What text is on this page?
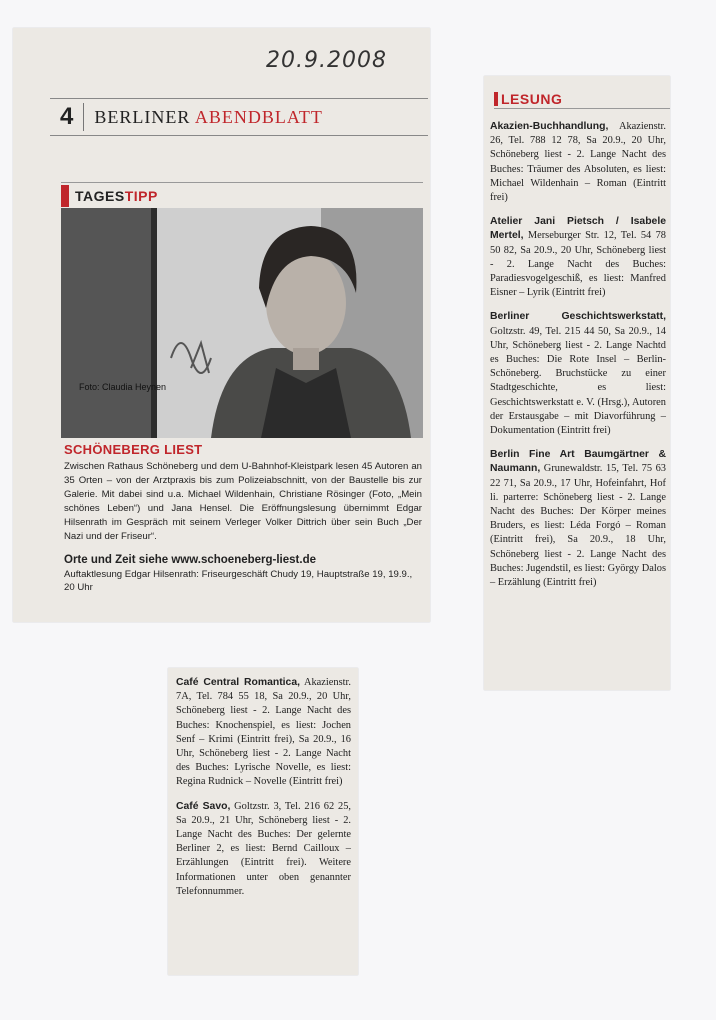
20.9.2008
4	BERLINER ABENDBLATT
TAGESTIPP
Foto: Claudia Heynen

SCHÖNEBERG LIEST

Zwischen Rathaus Schöneberg und dem U-Bahnhof-Kleistpark lesen 45 Autoren an 35 Orten – von der Arztpraxis bis zum Polizeiabschnitt, von der Baustelle bis zur Galerie. Mit dabei sind u.a. Michael Wildenhain, Christiane Rösinger (Foto, „Mein schönes Leben“) und Jana Hensel. Die Eröffnungslesung übernimmt Edgar Hilsenrath im Gespräch mit seinem Verleger Volker Dittrich über sein Buch „Der Nazi und der Friseur“.

Orte und Zeit siehe www.schoeneberg-liest.de

Auftaktlesung Edgar Hilsenrath: Friseurgeschäft Chudy 19, Hauptstraße 19, 19.9., 20 Uhr

LESUNG

Akazien-Buchhandlung, Akazienstr. 26, Tel. 788 12 78, Sa 20.9., 20 Uhr, Schöneberg liest - 2. Lange Nacht des Buches: Träumer des Absoluten, es liest: Michael Wildenhain – Roman (Eintritt frei)

Atelier Jani Pietsch / Isabele Mertel, Merseburger Str. 12, Tel. 54 78 50 82, Sa 20.9., 20 Uhr, Schöneberg liest - 2. Lange Nacht des Buches: Paradiesvogelgeschiß, es liest: Manfred Eisner – Lyrik (Eintritt frei)

Berliner Geschichtswerkstatt, Goltzstr. 49, Tel. 215 44 50, Sa 20.9., 14 Uhr, Schöneberg liest - 2. Lange Nachtd es Buches: Die Rote Insel – Berlin-Schöneberg. Bruchstücke zu einer Stadtgeschichte, es liest: Geschichtswerkstatt e. V. (Hrsg.), Autoren der Erstausgabe – mit Diavorführung – Dokumentation (Eintritt frei)

Berlin Fine Art Baumgärtner & Naumann, Grunewaldstr. 15, Tel. 75 63 22 71, Sa 20.9., 17 Uhr, Hofeinfahrt, Hof li. parterre: Schöneberg liest - 2. Lange Nacht des Buches: Der Körper meines Bruders, es liest: Léda Forgó – Roman (Eintritt frei), Sa 20.9., 18 Uhr, Schöneberg liest - 2. Lange Nacht des Buches: Jugendstil, es liest: György Dalos – Erzählung (Eintritt frei)

Café Central Romantica, Akazienstr. 7A, Tel. 784 55 18, Sa 20.9., 20 Uhr, Schöneberg liest - 2. Lange Nacht des Buches: Knochenspiel, es liest: Jochen Senf – Krimi (Eintritt frei), Sa 20.9., 16 Uhr, Schöneberg liest - 2. Lange Nacht des Buches: Lyrische Novelle, es liest: Regina Rudnick – Novelle (Eintritt frei)

Café Savo, Goltzstr. 3, Tel. 216 62 25, Sa 20.9., 21 Uhr, Schöneberg liest - 2. Lange Nacht des Buches: Der gelernte Berliner 2, es liest: Bernd Cailloux – Erzählungen (Eintritt frei). Weitere Informationen unter oben genannter Telefonnummer.
